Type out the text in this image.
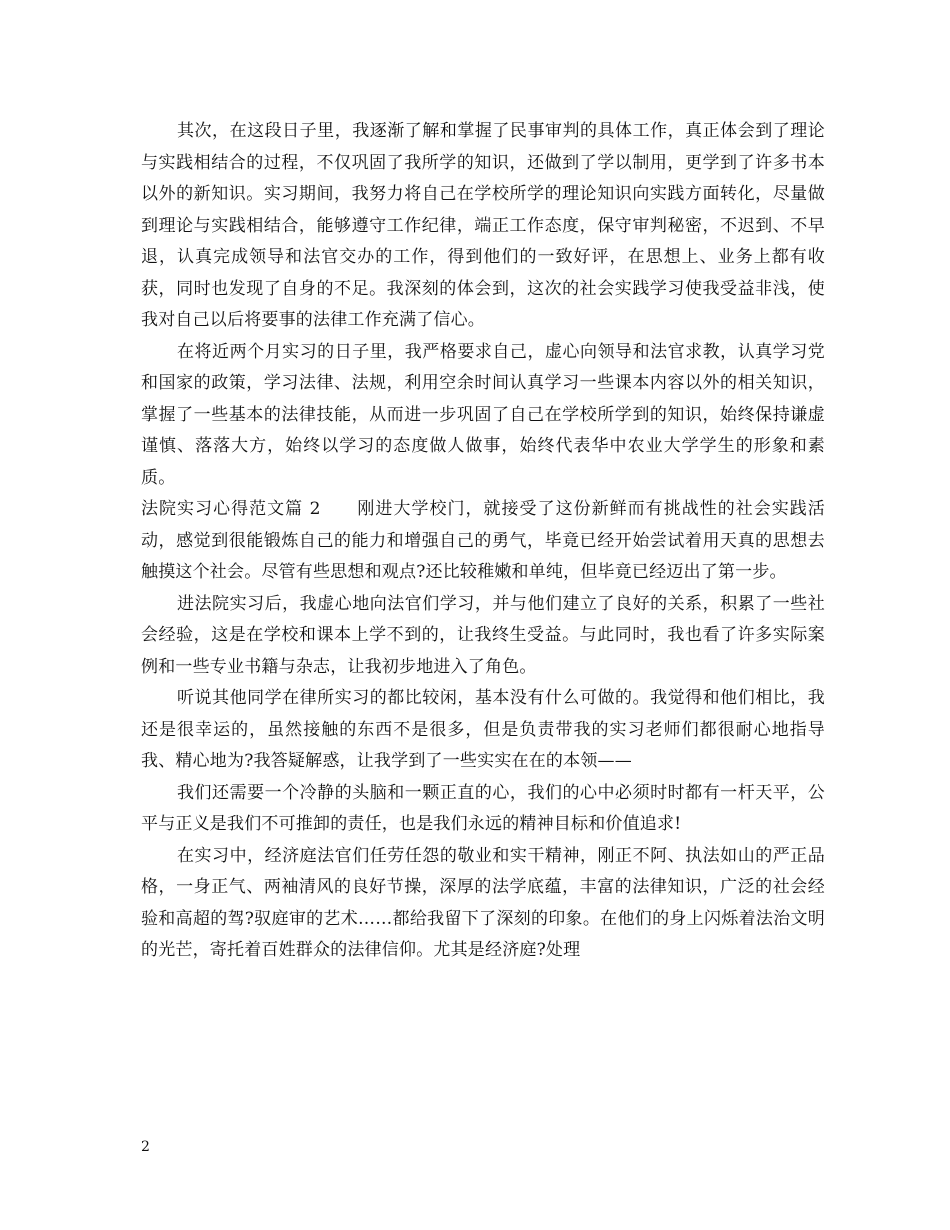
其次，在这段日子里，我逐渐了解和掌握了民事审判的具体工作，真正体会到了理论与实践相结合的过程，不仅巩固了我所学的知识，还做到了学以制用，更学到了许多书本以外的新知识。实习期间，我努力将自己在学校所学的理论知识向实践方面转化，尽量做到理论与实践相结合，能够遵守工作纪律，端正工作态度，保守审判秘密，不迟到、不早退，认真完成领导和法官交办的工作，得到他们的一致好评，在思想上、业务上都有收获，同时也发现了自身的不足。我深刻的体会到，这次的社会实践学习使我受益非浅，使我对自己以后将要事的法律工作充满了信心。

在将近两个月实习的日子里，我严格要求自己，虚心向领导和法官求教，认真学习党和国家的政策，学习法律、法规，利用空余时间认真学习一些课本内容以外的相关知识，掌握了一些基本的法律技能，从而进一步巩固了自己在学校所学到的知识，始终保持谦虚谨慎、落落大方，始终以学习的态度做人做事，始终代表华中农业大学学生的形象和素质。

法院实习心得范文篇 2 刚进大学校门，就接受了这份新鲜而有挑战性的社会实践活动，感觉到很能锻炼自己的能力和增强自己的勇气，毕竟已经开始尝试着用天真的思想去触摸这个社会。尽管有些思想和观点?还比较稚嫩和单纯，但毕竟已经迈出了第一步。

进法院实习后，我虚心地向法官们学习，并与他们建立了良好的关系，积累了一些社会经验，这是在学校和课本上学不到的，让我终生受益。与此同时，我也看了许多实际案例和一些专业书籍与杂志，让我初步地进入了角色。

听说其他同学在律所实习的都比较闲，基本没有什么可做的。我觉得和他们相比，我还是很幸运的，虽然接触的东西不是很多，但是负责带我的实习老师们都很耐心地指导我、精心地为?我答疑解惑，让我学到了一些实实在在的本领——

我们还需要一个冷静的头脑和一颗正直的心，我们的心中必须时时都有一杆天平，公平与正义是我们不可推卸的责任，也是我们永远的精神目标和价值追求!

在实习中，经济庭法官们任劳任怨的敬业和实干精神，刚正不阿、执法如山的严正品格，一身正气、两袖清风的良好节操，深厚的法学底蕴，丰富的法律知识，广泛的社会经验和高超的驾?驭庭审的艺术……都给我留下了深刻的印象。在他们的身上闪烁着法治文明的光芒，寄托着百姓群众的法律信仰。尤其是经济庭?处理

2
